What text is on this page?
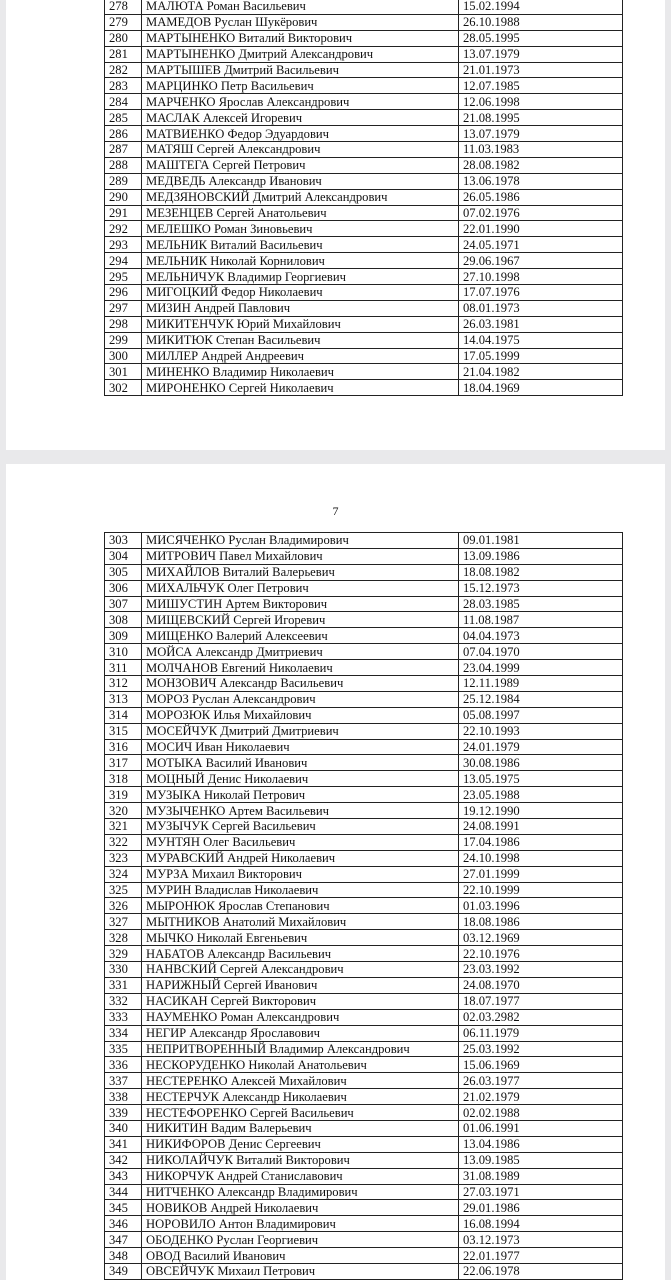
278	МАЛЮТА Роман Васильевич	15.02.1994
279	МАМЕДОВ Руслан Шукёрович	26.10.1988
280	МАРТЫНЕНКО Виталий Викторович	28.05.1995
281	МАРТЫНЕНКО Дмитрий Александрович	13.07.1979
282	МАРТЫШЕВ Дмитрий Васильевич	21.01.1973
283	МАРЦИНКО Петр Васильевич	12.07.1985
284	МАРЧЕНКО Ярослав Александрович	12.06.1998
285	МАСЛАК Алексей Игоревич	21.08.1995
286	МАТВИЕНКО Федор Эдуардович	13.07.1979
287	МАТЯШ Сергей Александрович	11.03.1983
288	МАШТЕГА Сергей Петрович	28.08.1982
289	МЕДВЕДЬ Александр Иванович	13.06.1978
290	МЕДЗЯНОВСКИЙ Дмитрий Александрович	26.05.1986
291	МЕЗЕНЦЕВ Сергей Анатольевич	07.02.1976
292	МЕЛЕШКО Роман Зиновьевич	22.01.1990
293	МЕЛЬНИК Виталий Васильевич	24.05.1971
294	МЕЛЬНИК Николай Корнилович	29.06.1967
295	МЕЛЬНИЧУК Владимир Георгиевич	27.10.1998
296	МИГОЦКИЙ Федор Николаевич	17.07.1976
297	МИЗИН Андрей Павлович	08.01.1973
298	МИКИТЕНЧУК Юрий Михайлович	26.03.1981
299	МИКИТЮК Степан Васильевич	14.04.1975
300	МИЛЛЕР Андрей Андреевич	17.05.1999
301	МИНЕНКО Владимир Николаевич	21.04.1982
302	МИРОНЕНКО Сергей Николаевич	18.04.1969
7
303	МИСЯЧЕНКО Руслан Владимирович	09.01.1981
304	МИТРОВИЧ Павел Михайлович	13.09.1986
305	МИХАЙЛОВ Виталий Валерьевич	18.08.1982
306	МИХАЛЬЧУК Олег Петрович	15.12.1973
307	МИШУСТИН Артем Викторович	28.03.1985
308	МИЩЕВСКИЙ Сергей Игоревич	11.08.1987
309	МИЩЕНКО Валерий Алексеевич	04.04.1973
310	МОЙСА Александр Дмитриевич	07.04.1970
311	МОЛЧАНОВ Евгений Николаевич	23.04.1999
312	МОНЗОВИЧ Александр Васильевич	12.11.1989
313	МОРОЗ Руслан Александрович	25.12.1984
314	МОРОЗЮК Илья Михайлович	05.08.1997
315	МОСЕЙЧУК Дмитрий Дмитриевич	22.10.1993
316	МОСИЧ Иван Николаевич	24.01.1979
317	МОТЫКА Василий Иванович	30.08.1986
318	МОЦНЫЙ Денис Николаевич	13.05.1975
319	МУЗЫКА Николай Петрович	23.05.1988
320	МУЗЫЧЕНКО Артем Васильевич	19.12.1990
321	МУЗЫЧУК Сергей Васильевич	24.08.1991
322	МУНТЯН Олег Васильевич	17.04.1986
323	МУРАВСКИЙ Андрей Николаевич	24.10.1998
324	МУРЗА Михаил Викторович	27.01.1999
325	МУРИН Владислав Николаевич	22.10.1999
326	МЫРОНЮК Ярослав Степанович	01.03.1996
327	МЫТНИКОВ Анатолий Михайлович	18.08.1986
328	МЫЧКО Николай Евгеньевич	03.12.1969
329	НАБАТОВ Александр Васильевич	22.10.1976
330	НАНВСКИЙ Сергей Александрович	23.03.1992
331	НАРИЖНЫЙ Сергей Иванович	24.08.1970
332	НАСИКАН Сергей Викторович	18.07.1977
333	НАУМЕНКО Роман Александрович	02.03.2982
334	НЕГИР Александр Ярославович	06.11.1979
335	НЕПРИТВОРЕННЫЙ Владимир Александрович	25.03.1992
336	НЕСКОРУДЕНКО Николай Анатольевич	15.06.1969
337	НЕСТЕРЕНКО Алексей Михайлович	26.03.1977
338	НЕСТЕРЧУК Александр Николаевич	21.02.1979
339	НЕСТЕФОРЕНКО Сергей Васильевич	02.02.1988
340	НИКИТИН Вадим Валерьевич	01.06.1991
341	НИКИФОРОВ Денис Сергеевич	13.04.1986
342	НИКОЛАЙЧУК Виталий Викторович	13.09.1985
343	НИКОРЧУК Андрей Станиславович	31.08.1989
344	НИТЧЕНКО Александр Владимирович	27.03.1971
345	НОВИКОВ Андрей Николаевич	29.01.1986
346	НОРОВИЛО Антон Владимирович	16.08.1994
347	ОБОДЕНКО Руслан Георгиевич	03.12.1973
348	ОВОД Василий Иванович	22.01.1977
349	ОВСЕЙЧУК Михаил Петрович	22.06.1978
